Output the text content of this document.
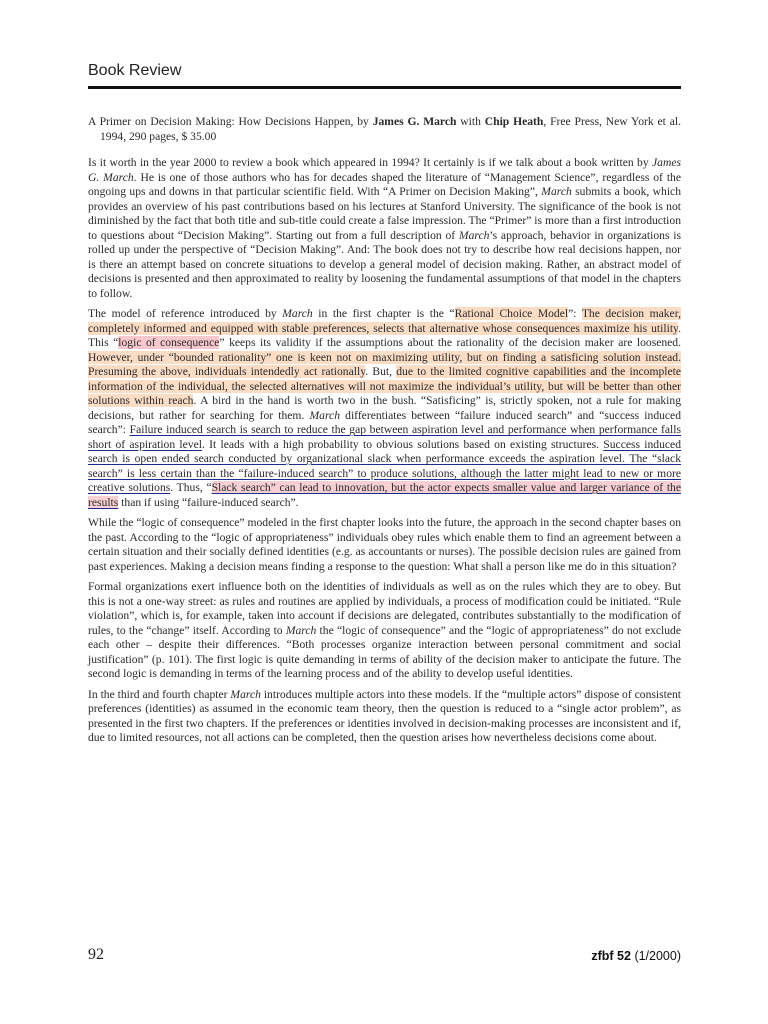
Book Review

A Primer on Decision Making: How Decisions Happen, by James G. March with Chip Heath, Free Press, New York et al. 1994, 290 pages, $ 35.00

Is it worth in the year 2000 to review a book which appeared in 1994? It certainly is if we talk about a book written by James G. March. He is one of those authors who has for decades shaped the literature of “Management Science”, regardless of the ongoing ups and downs in that particular scientific field. With “A Primer on Decision Making”, March submits a book, which provides an overview of his past contributions based on his lectures at Stanford University. The significance of the book is not diminished by the fact that both title and sub-title could create a false impression. The “Primer” is more than a first introduction to questions about “Decision Making”. Starting out from a full description of March’s approach, behavior in organizations is rolled up under the perspective of “Decision Making”. And: The book does not try to describe how real decisions happen, nor is there an attempt based on concrete situations to develop a general model of decision making. Rather, an abstract model of decisions is presented and then approximated to reality by loosening the fundamental assumptions of that model in the chapters to follow.

The model of reference introduced by March in the first chapter is the “Rational Choice Model”: The decision maker, completely informed and equipped with stable preferences, selects that alternative whose consequences maximize his utility. This “logic of consequence” keeps its validity if the assumptions about the rationality of the decision maker are loosened. However, under “bounded rationality” one is keen not on maximizing utility, but on finding a satisficing solution instead. Presuming the above, individuals intendedly act rationally. But, due to the limited cognitive capabilities and the incomplete information of the individual, the selected alternatives will not maximize the individual’s utility, but will be better than other solutions within reach. A bird in the hand is worth two in the bush. “Satisficing” is, strictly spoken, not a rule for making decisions, but rather for searching for them. March differentiates between “failure induced search” and “success induced search”: Failure induced search is search to reduce the gap between aspiration level and performance when performance falls short of aspiration level. It leads with a high probability to obvious solutions based on existing structures. Success induced search is open ended search conducted by organizational slack when performance exceeds the aspiration level. The “slack search” is less certain than the “failure-induced search” to produce solutions, although the latter might lead to new or more creative solutions. Thus, “Slack search” can lead to innovation, but the actor expects smaller value and larger variance of the results than if using “failure-induced search”.

While the “logic of consequence” modeled in the first chapter looks into the future, the approach in the second chapter bases on the past. According to the “logic of appropriateness” individuals obey rules which enable them to find an agreement between a certain situation and their socially defined identities (e.g. as accountants or nurses). The possible decision rules are gained from past experiences. Making a decision means finding a response to the question: What shall a person like me do in this situation?

Formal organizations exert influence both on the identities of individuals as well as on the rules which they are to obey. But this is not a one-way street: as rules and routines are applied by individuals, a process of modification could be initiated. “Rule violation”, which is, for example, taken into account if decisions are delegated, contributes substantially to the modification of rules, to the “change” itself. According to March the “logic of consequence” and the “logic of appropriateness” do not exclude each other – despite their differences. “Both processes organize interaction between personal commitment and social justification” (p. 101). The first logic is quite demanding in terms of ability of the decision maker to anticipate the future. The second logic is demanding in terms of the learning process and of the ability to develop useful identities.

In the third and fourth chapter March introduces multiple actors into these models. If the “multiple actors” dispose of consistent preferences (identities) as assumed in the economic team theory, then the question is reduced to a “single actor problem”, as presented in the first two chapters. If the preferences or identities involved in decision-making processes are inconsistent and if, due to limited resources, not all actions can be completed, then the question arises how nevertheless decisions come about.

92	zfbf 52 (1/2000)
